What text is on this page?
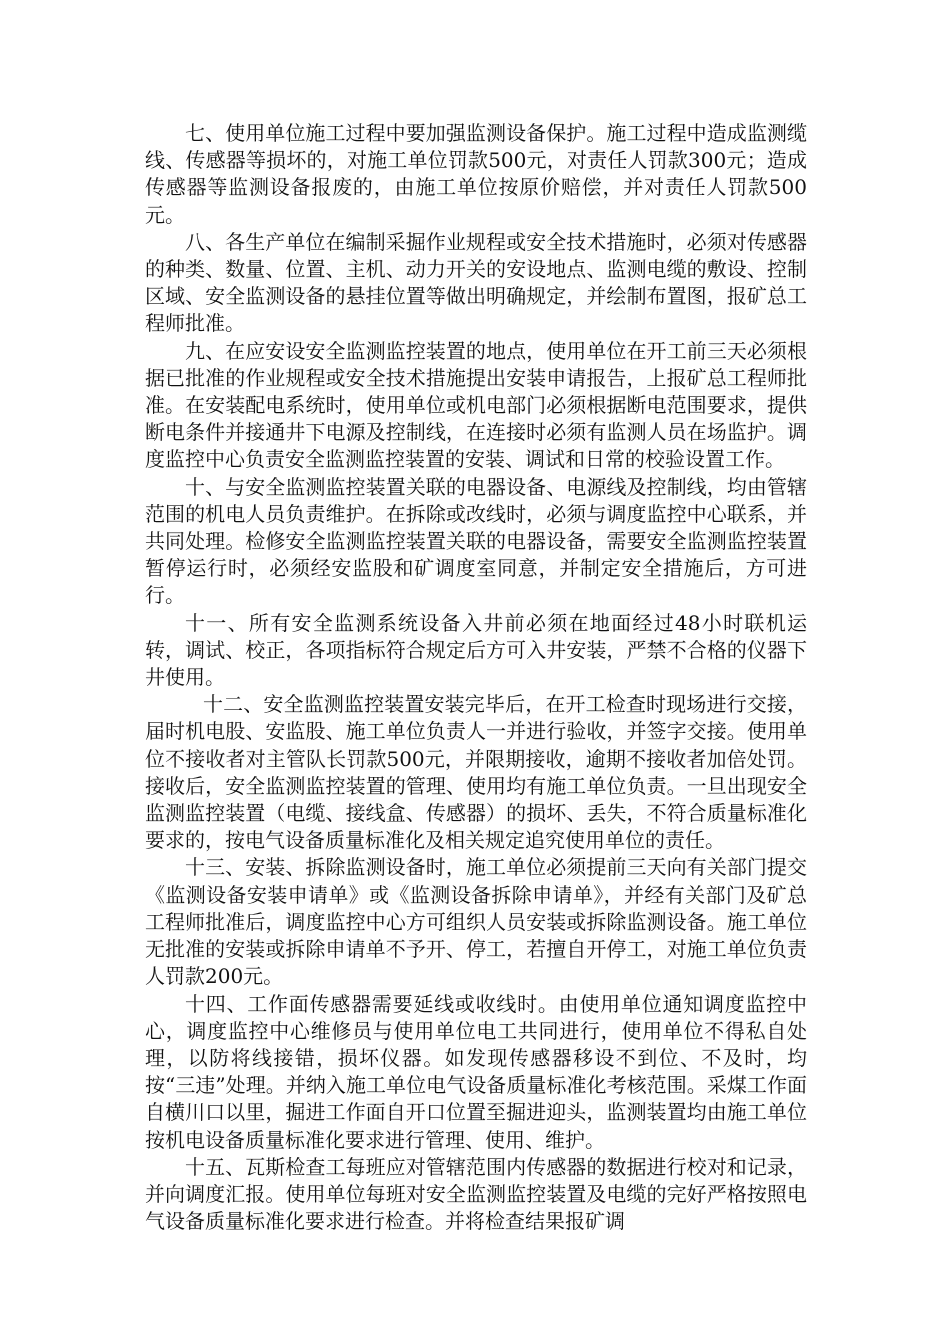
七、使用单位施工过程中要加强监测设备保护。施工过程中造成监测缆线、传感器等损坏的，对施工单位罚款500元，对责任人罚款300元；造成传感器等监测设备报废的，由施工单位按原价赔偿，并对责任人罚款500元。

八、各生产单位在编制采掘作业规程或安全技术措施时，必须对传感器的种类、数量、位置、主机、动力开关的安设地点、监测电缆的敷设、控制区域、安全监测设备的悬挂位置等做出明确规定，并绘制布置图，报矿总工程师批准。

九、在应安设安全监测监控装置的地点，使用单位在开工前三天必须根据已批准的作业规程或安全技术措施提出安装申请报告，上报矿总工程师批准。在安装配电系统时，使用单位或机电部门必须根据断电范围要求，提供断电条件并接通井下电源及控制线，在连接时必须有监测人员在场监护。调度监控中心负责安全监测监控装置的安装、调试和日常的校验设置工作。

十、与安全监测监控装置关联的电器设备、电源线及控制线，均由管辖范围的机电人员负责维护。在拆除或改线时，必须与调度监控中心联系，并共同处理。检修安全监测监控装置关联的电器设备，需要安全监测监控装置暂停运行时，必须经安监股和矿调度室同意，并制定安全措施后，方可进行。

十一、所有安全监测系统设备入井前必须在地面经过48小时联机运转，调试、校正，各项指标符合规定后方可入井安装，严禁不合格的仪器下井使用。

十二、安全监测监控装置安装完毕后，在开工检查时现场进行交接，届时机电股、安监股、施工单位负责人一并进行验收，并签字交接。使用单位不接收者对主管队长罚款500元，并限期接收，逾期不接收者加倍处罚。接收后，安全监测监控装置的管理、使用均有施工单位负责。一旦出现安全监测监控装置（电缆、接线盒、传感器）的损坏、丢失，不符合质量标准化要求的，按电气设备质量标准化及相关规定追究使用单位的责任。

十三、安装、拆除监测设备时，施工单位必须提前三天向有关部门提交《监测设备安装申请单》或《监测设备拆除申请单》，并经有关部门及矿总工程师批准后，调度监控中心方可组织人员安装或拆除监测设备。施工单位无批准的安装或拆除申请单不予开、停工，若擅自开停工，对施工单位负责人罚款200元。

十四、工作面传感器需要延线或收线时。由使用单位通知调度监控中心，调度监控中心维修员与使用单位电工共同进行，使用单位不得私自处理，以防将线接错，损坏仪器。如发现传感器移设不到位、不及时，均按“三违”处理。并纳入施工单位电气设备质量标准化考核范围。采煤工作面自横川口以里，掘进工作面自开口位置至掘进迎头，监测装置均由施工单位按机电设备质量标准化要求进行管理、使用、维护。

十五、瓦斯检查工每班应对管辖范围内传感器的数据进行校对和记录，并向调度汇报。使用单位每班对安全监测监控装置及电缆的完好严格按照电气设备质量标准化要求进行检查。并将检查结果报矿调
